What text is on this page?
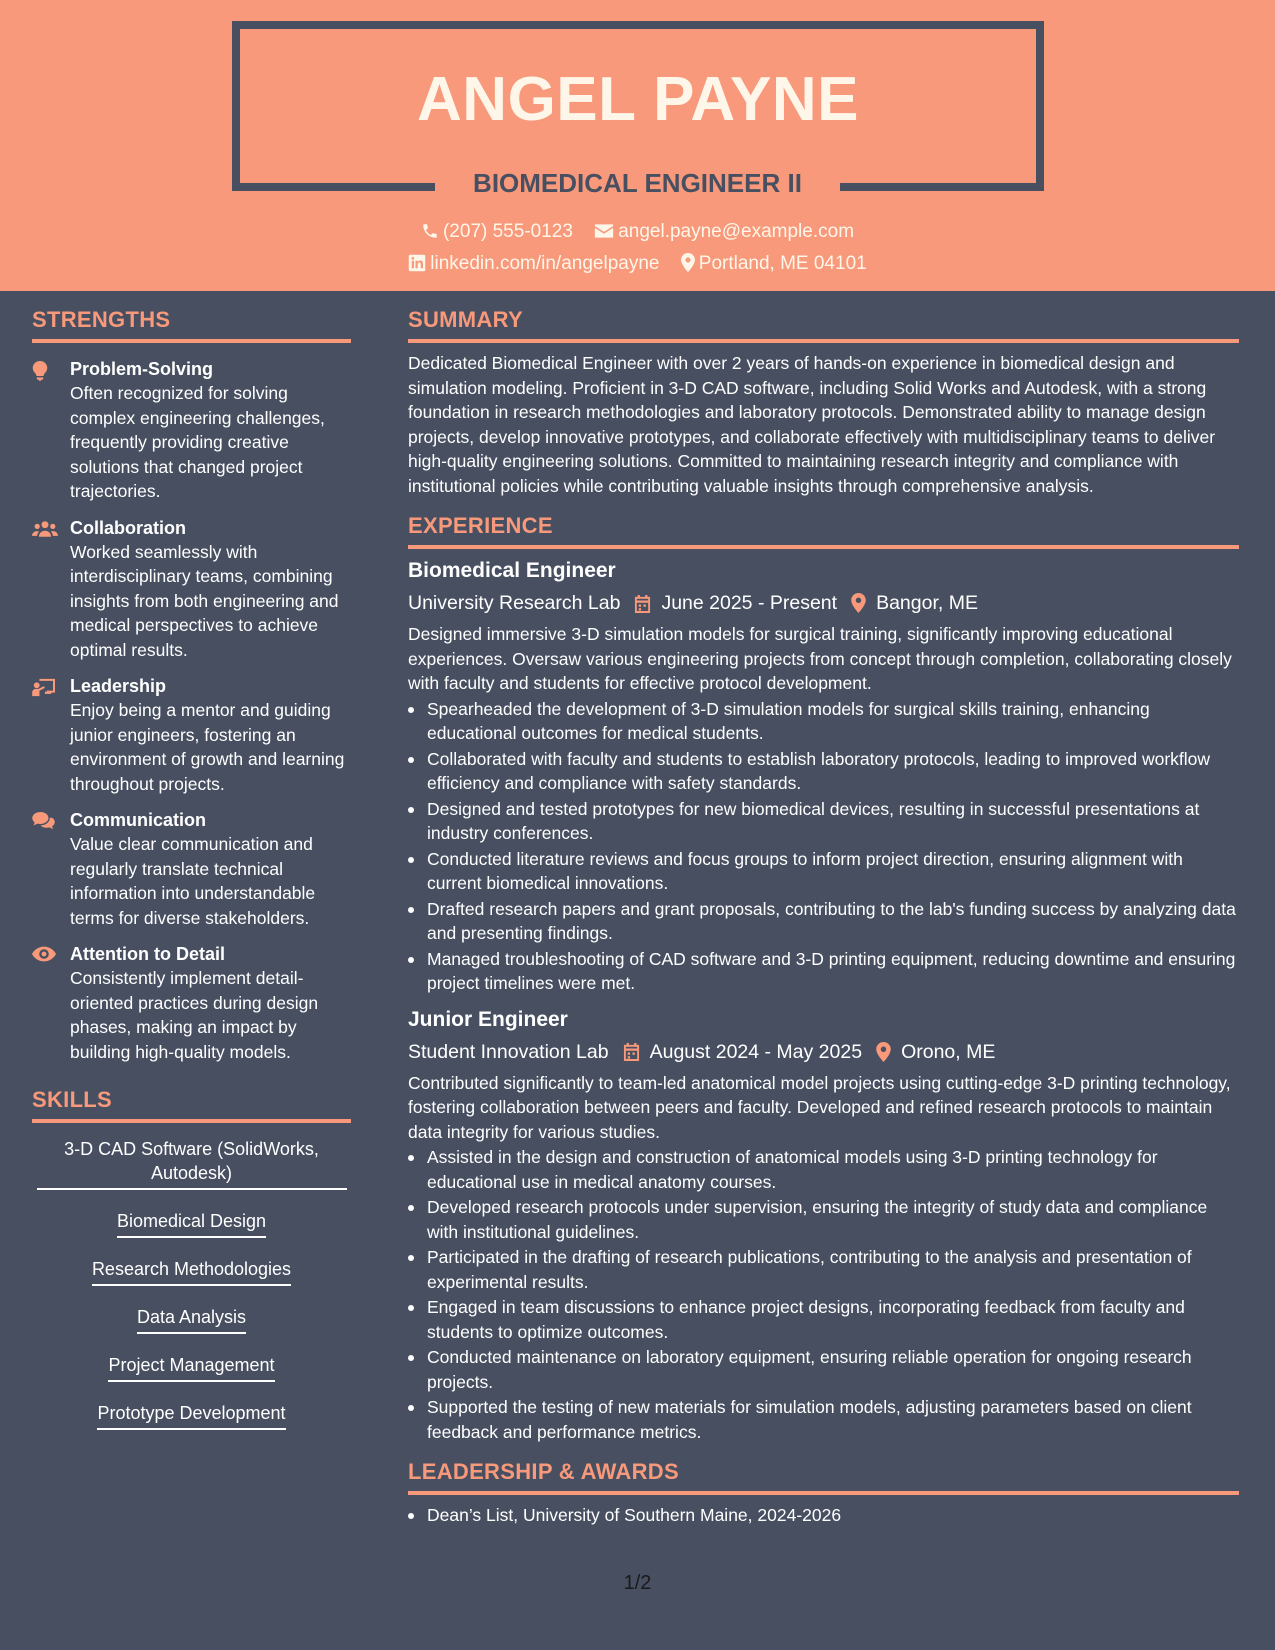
ANGEL PAYNE
BIOMEDICAL ENGINEER II
(207) 555-0123 angel.payne@example.com
linkedin.com/in/angelpayne Portland, ME 04101
STRENGTHS
Problem-Solving
Often recognized for solving complex engineering challenges, frequently providing creative solutions that changed project trajectories.
Collaboration
Worked seamlessly with interdisciplinary teams, combining insights from both engineering and medical perspectives to achieve optimal results.
Leadership
Enjoy being a mentor and guiding junior engineers, fostering an environment of growth and learning throughout projects.
Communication
Value clear communication and regularly translate technical information into understandable terms for diverse stakeholders.
Attention to Detail
Consistently implement detail-oriented practices during design phases, making an impact by building high-quality models.
SKILLS
3-D CAD Software (SolidWorks, Autodesk)
Biomedical Design
Research Methodologies
Data Analysis
Project Management
Prototype Development
SUMMARY
Dedicated Biomedical Engineer with over 2 years of hands-on experience in biomedical design and simulation modeling. Proficient in 3-D CAD software, including Solid Works and Autodesk, with a strong foundation in research methodologies and laboratory protocols. Demonstrated ability to manage design projects, develop innovative prototypes, and collaborate effectively with multidisciplinary teams to deliver high-quality engineering solutions. Committed to maintaining research integrity and compliance with institutional policies while contributing valuable insights through comprehensive analysis.
EXPERIENCE
Biomedical Engineer
University Research Lab June 2025 - Present Bangor, ME
Designed immersive 3-D simulation models for surgical training, significantly improving educational experiences. Oversaw various engineering projects from concept through completion, collaborating closely with faculty and students for effective protocol development.
Spearheaded the development of 3-D simulation models for surgical skills training, enhancing educational outcomes for medical students.
Collaborated with faculty and students to establish laboratory protocols, leading to improved workflow efficiency and compliance with safety standards.
Designed and tested prototypes for new biomedical devices, resulting in successful presentations at industry conferences.
Conducted literature reviews and focus groups to inform project direction, ensuring alignment with current biomedical innovations.
Drafted research papers and grant proposals, contributing to the lab's funding success by analyzing data and presenting findings.
Managed troubleshooting of CAD software and 3-D printing equipment, reducing downtime and ensuring project timelines were met.
Junior Engineer
Student Innovation Lab August 2024 - May 2025 Orono, ME
Contributed significantly to team-led anatomical model projects using cutting-edge 3-D printing technology, fostering collaboration between peers and faculty. Developed and refined research protocols to maintain data integrity for various studies.
Assisted in the design and construction of anatomical models using 3-D printing technology for educational use in medical anatomy courses.
Developed research protocols under supervision, ensuring the integrity of study data and compliance with institutional guidelines.
Participated in the drafting of research publications, contributing to the analysis and presentation of experimental results.
Engaged in team discussions to enhance project designs, incorporating feedback from faculty and students to optimize outcomes.
Conducted maintenance on laboratory equipment, ensuring reliable operation for ongoing research projects.
Supported the testing of new materials for simulation models, adjusting parameters based on client feedback and performance metrics.
LEADERSHIP & AWARDS
Dean’s List, University of Southern Maine, 2024-2026
1/2
